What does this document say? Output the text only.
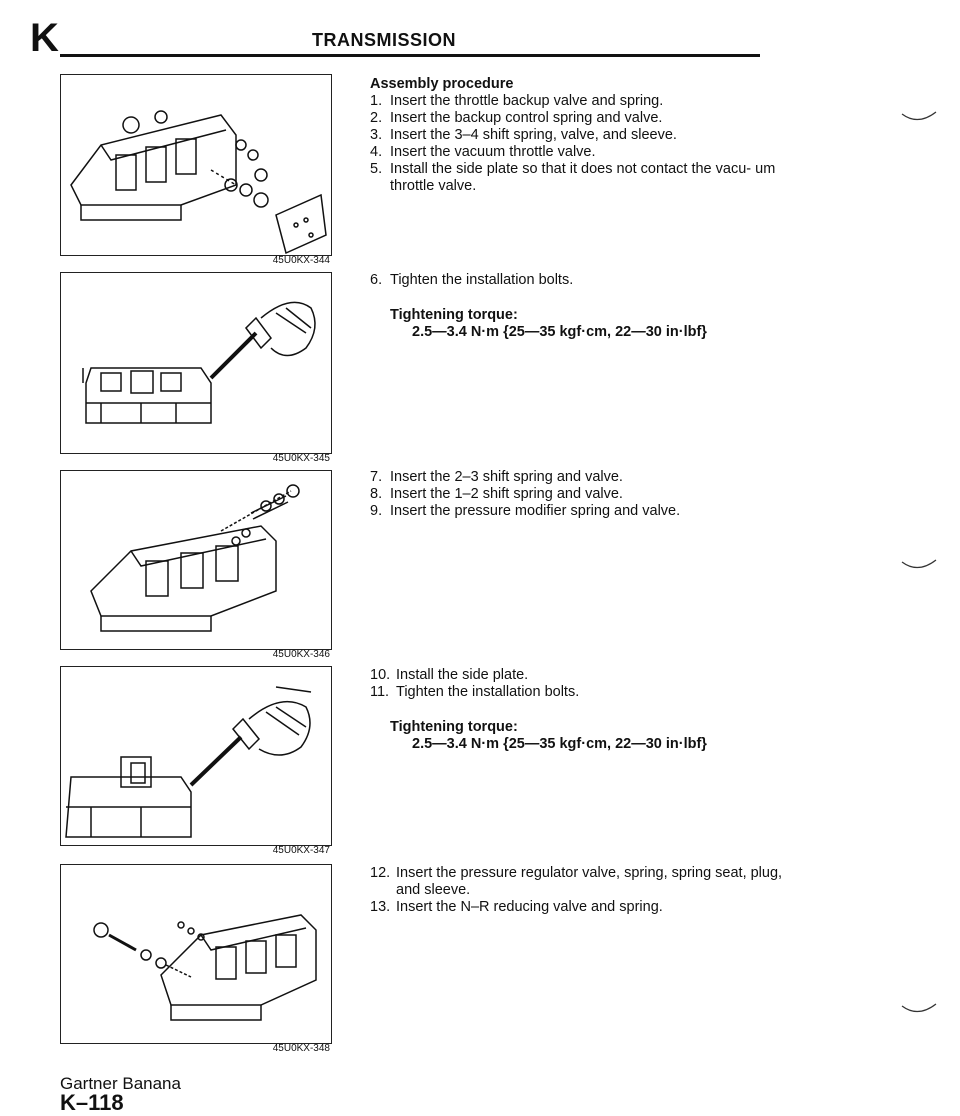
K	TRANSMISSION
45U0KX-344
45U0KX-345
45U0KX-346
45U0KX-347
45U0KX-348
Assembly procedure
1. Insert the throttle backup valve and spring.
2. Insert the backup control spring and valve.
3. Insert the 3–4 shift spring, valve, and sleeve.
4. Insert the vacuum throttle valve.
5. Install the side plate so that it does not contact the vacu- um throttle valve.
6. Tighten the installation bolts.
Tightening torque:
2.5—3.4 N·m {25—35 kgf·cm, 22—30 in·lbf}
7. Insert the 2–3 shift spring and valve.
8. Insert the 1–2 shift spring and valve.
9. Insert the pressure modifier spring and valve.
10. Install the side plate.
11. Tighten the installation bolts.
Tightening torque:
2.5—3.4 N·m {25—35 kgf·cm, 22—30 in·lbf}
12. Insert the pressure regulator valve, spring, spring seat, plug, and sleeve.
13. Insert the N–R reducing valve and spring.
Gartner Banana
K–118
